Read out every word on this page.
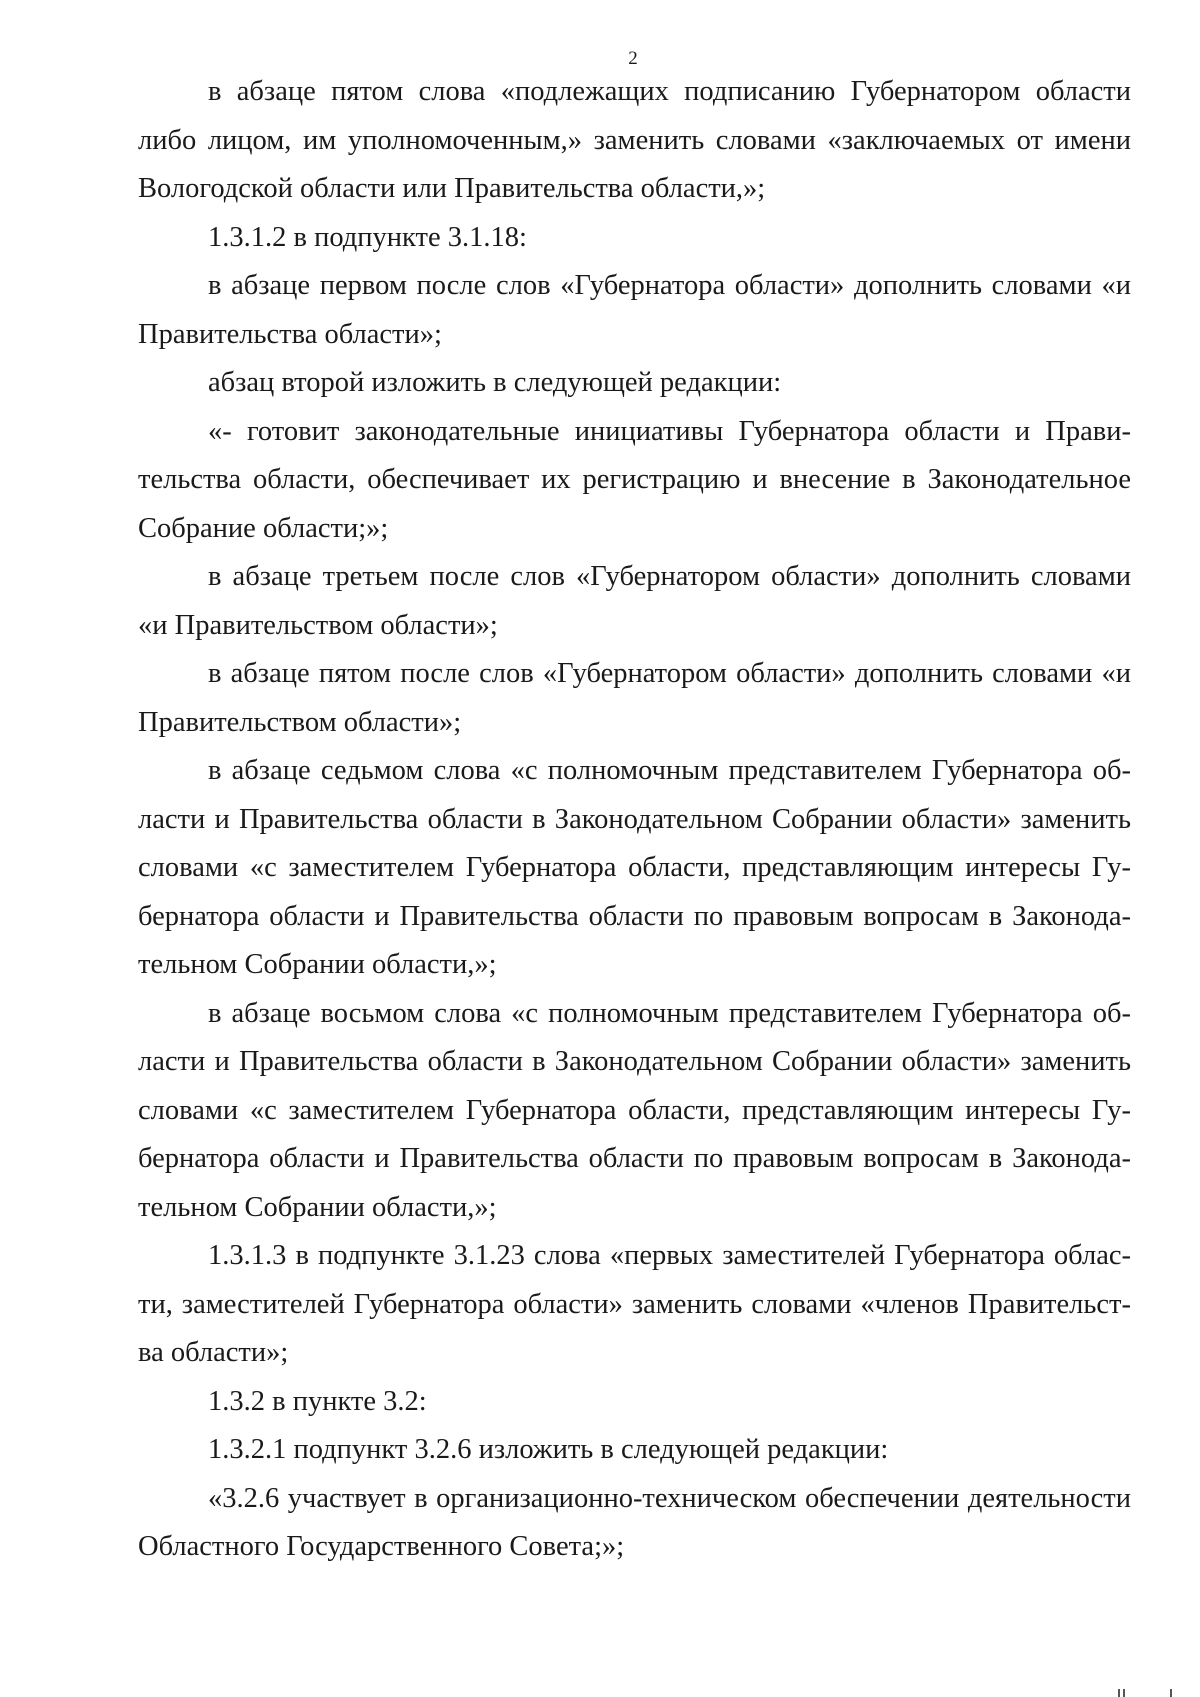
2

в абзаце пятом слова «подлежащих подписанию Губернатором области либо лицом, им уполномоченным,» заменить словами «заключаемых от имени Вологодской области или Правительства области,»;

1.3.1.2 в подпункте 3.1.18:

в абзаце первом после слов «Губернатора области» дополнить словами «и Правительства области»;

абзац второй изложить в следующей редакции:

«- готовит законодательные инициативы Губернатора области и Правительства области, обеспечивает их регистрацию и внесение в Законодательное Собрание области;»;

в абзаце третьем после слов «Губернатором области» дополнить словами «и Правительством области»;

в абзаце пятом после слов «Губернатором области» дополнить словами «и Правительством области»;

в абзаце седьмом слова «с полномочным представителем Губернатора области и Правительства области в Законодательном Собрании области» заменить словами «с заместителем Губернатора области, представляющим интересы Губернатора области и Правительства области по правовым вопросам в Законодательном Собрании области,»;

в абзаце восьмом слова «с полномочным представителем Губернатора области и Правительства области в Законодательном Собрании области» заменить словами «с заместителем Губернатора области, представляющим интересы Губернатора области и Правительства области по правовым вопросам в Законодательном Собрании области,»;

1.3.1.3 в подпункте 3.1.23 слова «первых заместителей Губернатора области, заместителей Губернатора области» заменить словами «членов Правительства области»;

1.3.2 в пункте 3.2:

1.3.2.1 подпункт 3.2.6 изложить в следующей редакции:

«3.2.6 участвует в организационно-техническом обеспечении деятельности Областного Государственного Совета;»;
